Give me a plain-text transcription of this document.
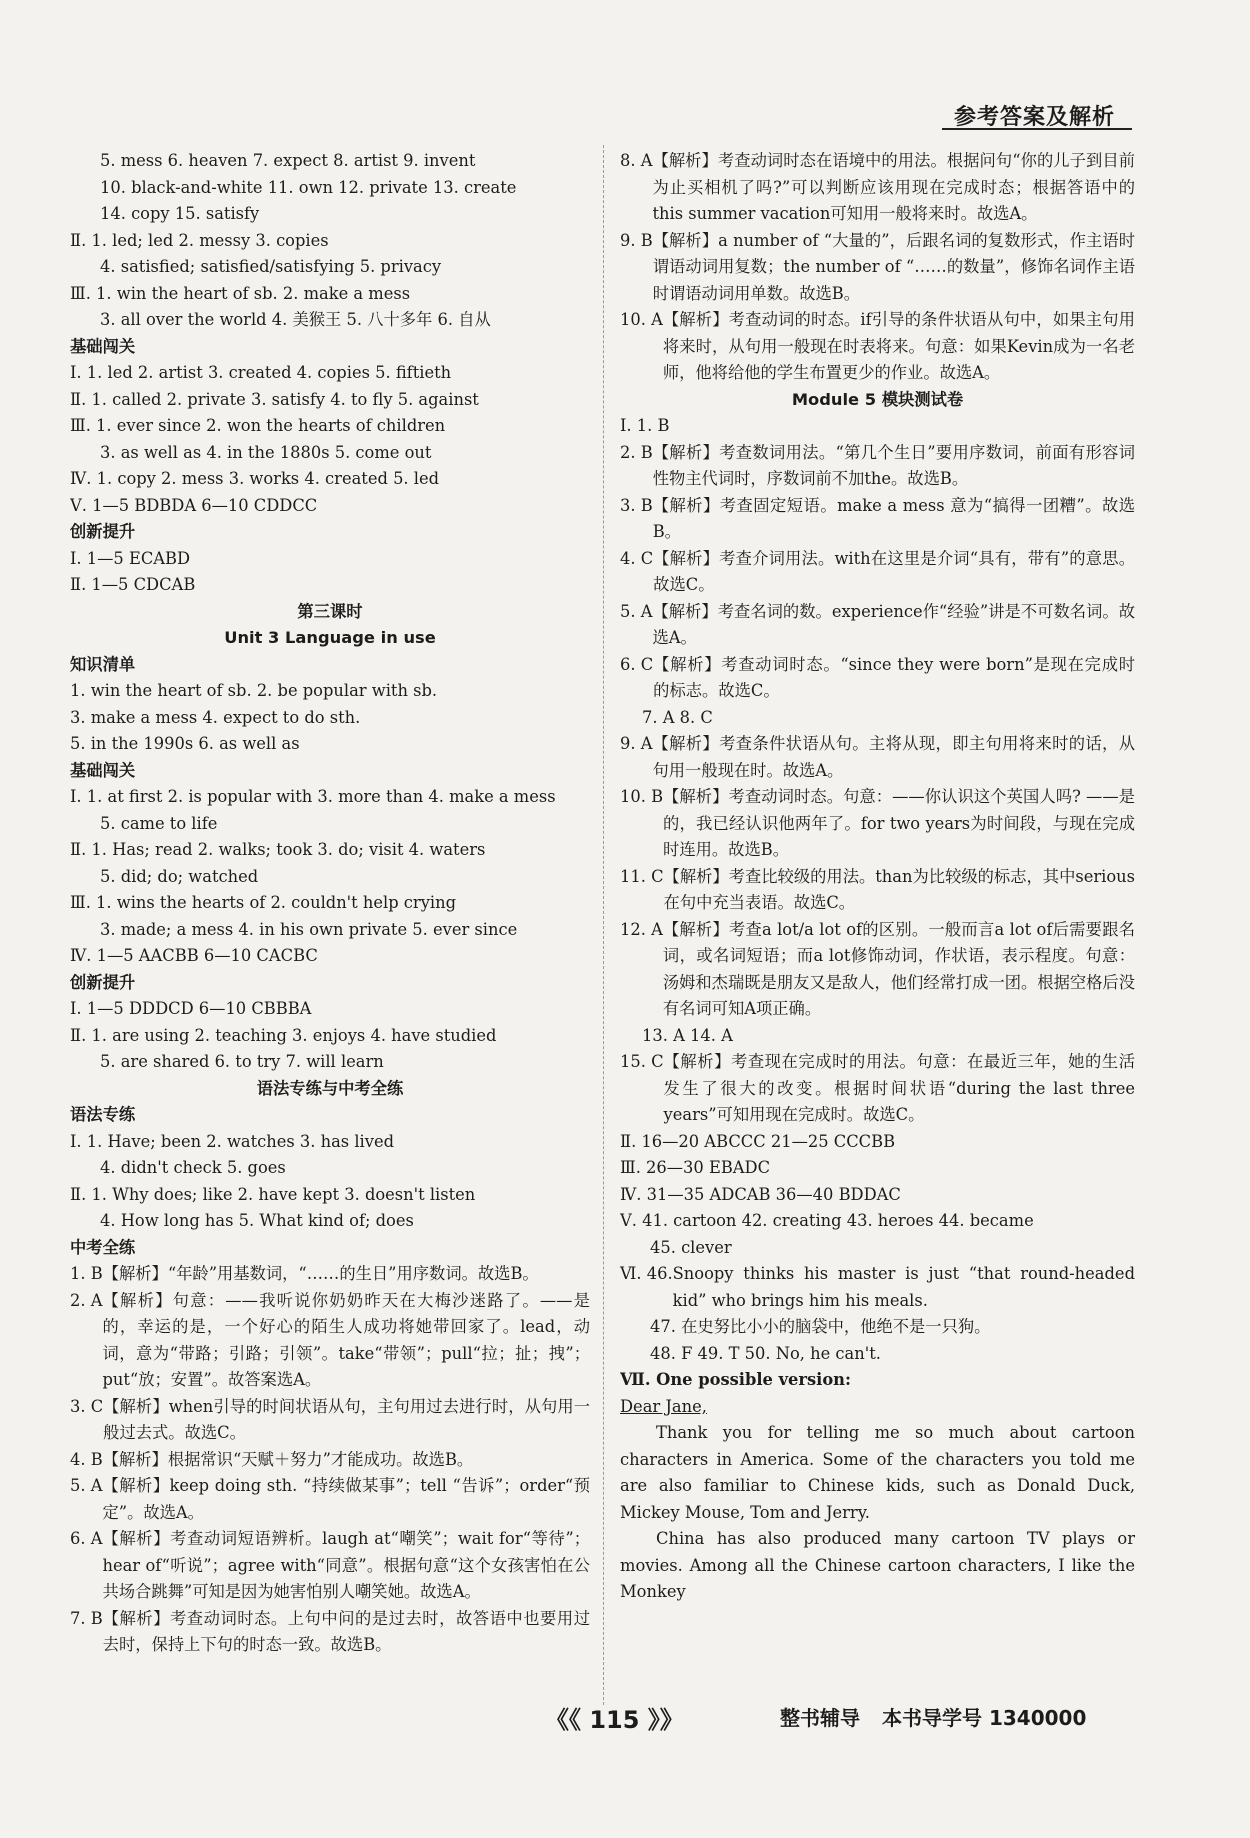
参考答案及解析
5. mess 6. heaven 7. expect 8. artist 9. invent
10. black-and-white 11. own 12. private 13. create
14. copy 15. satisfy
Ⅱ. 1. led; led 2. messy 3. copies
4. satisfied; satisfied/satisfying 5. privacy
Ⅲ. 1. win the heart of sb. 2. make a mess
3. all over the world 4. 美猴王 5. 八十多年 6. 自从
基础闯关
Ⅰ. 1. led 2. artist 3. created 4. copies 5. fiftieth
Ⅱ. 1. called 2. private 3. satisfy 4. to fly 5. against
Ⅲ. 1. ever since 2. won the hearts of children
3. as well as 4. in the 1880s 5. come out
Ⅳ. 1. copy 2. mess 3. works 4. created 5. led
Ⅴ. 1—5 BDBDA 6—10 CDDCC
创新提升
Ⅰ. 1—5 ECABD
Ⅱ. 1—5 CDCAB
第三课时
Unit 3 Language in use
知识清单
1. win the heart of sb. 2. be popular with sb.
3. make a mess 4. expect to do sth.
5. in the 1990s 6. as well as
基础闯关
Ⅰ. 1. at first 2. is popular with 3. more than 4. make a mess
5. came to life
Ⅱ. 1. Has; read 2. walks; took 3. do; visit 4. waters
5. did; do; watched
Ⅲ. 1. wins the hearts of 2. couldn't help crying
3. made; a mess 4. in his own private 5. ever since
Ⅳ. 1—5 AACBB 6—10 CACBC
创新提升
Ⅰ. 1—5 DDDCD 6—10 CBBBA
Ⅱ. 1. are using 2. teaching 3. enjoys 4. have studied
5. are shared 6. to try 7. will learn
语法专练与中考全练
语法专练
Ⅰ. 1. Have; been 2. watches 3. has lived
4. didn't check 5. goes
Ⅱ. 1. Why does; like 2. have kept 3. doesn't listen
4. How long has 5. What kind of; does
中考全练
1. B 【解析】“年龄”用基数词，“……的生日”用序数词。故选B。
2. A 【解析】句意：——我听说你奶奶昨天在大梅沙迷路了。——是的，幸运的是，一个好心的陌生人成功将她带回家了。lead，动词，意为“带路；引路；引领”。take“带领”；pull“拉；扯；拽”；put“放；安置”。故答案选A。
3. C 【解析】when引导的时间状语从句，主句用过去进行时，从句用一般过去式。故选C。
4. B 【解析】根据常识“天赋＋努力”才能成功。故选B。
5. A 【解析】keep doing sth. “持续做某事”；tell “告诉”；order“预定”。故选A。
6. A 【解析】考查动词短语辨析。laugh at“嘲笑”；wait for“等待”；hear of“听说”；agree with“同意”。根据句意“这个女孩害怕在公共场合跳舞”可知是因为她害怕别人嘲笑她。故选A。
7. B 【解析】考查动词时态。上句中问的是过去时，故答语中也要用过去时，保持上下句的时态一致。故选B。
8. A 【解析】考查动词时态在语境中的用法。根据问句“你的儿子到目前为止买相机了吗?”可以判断应该用现在完成时态；根据答语中的this summer vacation可知用一般将来时。故选A。
9. B 【解析】a number of “大量的”，后跟名词的复数形式，作主语时谓语动词用复数；the number of “……的数量”，修饰名词作主语时谓语动词用单数。故选B。
10. A 【解析】考查动词的时态。if引导的条件状语从句中，如果主句用将来时，从句用一般现在时表将来。句意：如果Kevin成为一名老师，他将给他的学生布置更少的作业。故选A。
Module 5 模块测试卷
Ⅰ. 1. B
2. B 【解析】考查数词用法。“第几个生日”要用序数词，前面有形容词性物主代词时，序数词前不加the。故选B。
3. B 【解析】考查固定短语。make a mess 意为“搞得一团糟”。故选B。
4. C 【解析】考查介词用法。with在这里是介词“具有，带有”的意思。故选C。
5. A 【解析】考查名词的数。experience作“经验”讲是不可数名词。故选A。
6. C 【解析】考查动词时态。“since they were born”是现在完成时的标志。故选C。
7. A 8. C
9. A 【解析】考查条件状语从句。主将从现，即主句用将来时的话，从句用一般现在时。故选A。
10. B 【解析】考查动词时态。句意：——你认识这个英国人吗? ——是的，我已经认识他两年了。for two years为时间段，与现在完成时连用。故选B。
11. C 【解析】考查比较级的用法。than为比较级的标志，其中serious在句中充当表语。故选C。
12. A 【解析】考查a lot/a lot of的区别。一般而言a lot of后需要跟名词，或名词短语；而a lot修饰动词，作状语，表示程度。句意：汤姆和杰瑞既是朋友又是敌人，他们经常打成一团。根据空格后没有名词可知A项正确。
13. A 14. A
15. C 【解析】考查现在完成时的用法。句意：在最近三年，她的生活发生了很大的改变。根据时间状语“during the last three years”可知用现在完成时。故选C。
Ⅱ. 16—20 ABCCC 21—25 CCCBB
Ⅲ. 26—30 EBADC
Ⅳ. 31—35 ADCAB 36—40 BDDAC
Ⅴ. 41. cartoon 42. creating 43. heroes 44. became
45. clever
Ⅵ. 46. Snoopy thinks his master is just “that round-headed kid” who brings him his meals.
47. 在史努比小小的脑袋中，他绝不是一只狗。
48. F 49. T 50. No, he can't.
Ⅶ. One possible version:
Dear Jane,
Thank you for telling me so much about cartoon characters in America. Some of the characters you told me are also familiar to Chinese kids, such as Donald Duck, Mickey Mouse, Tom and Jerry.
China has also produced many cartoon TV plays or movies. Among all the Chinese cartoon characters, I like the Monkey
《《 115 》》	整书辅导 本书导学号 1340000
